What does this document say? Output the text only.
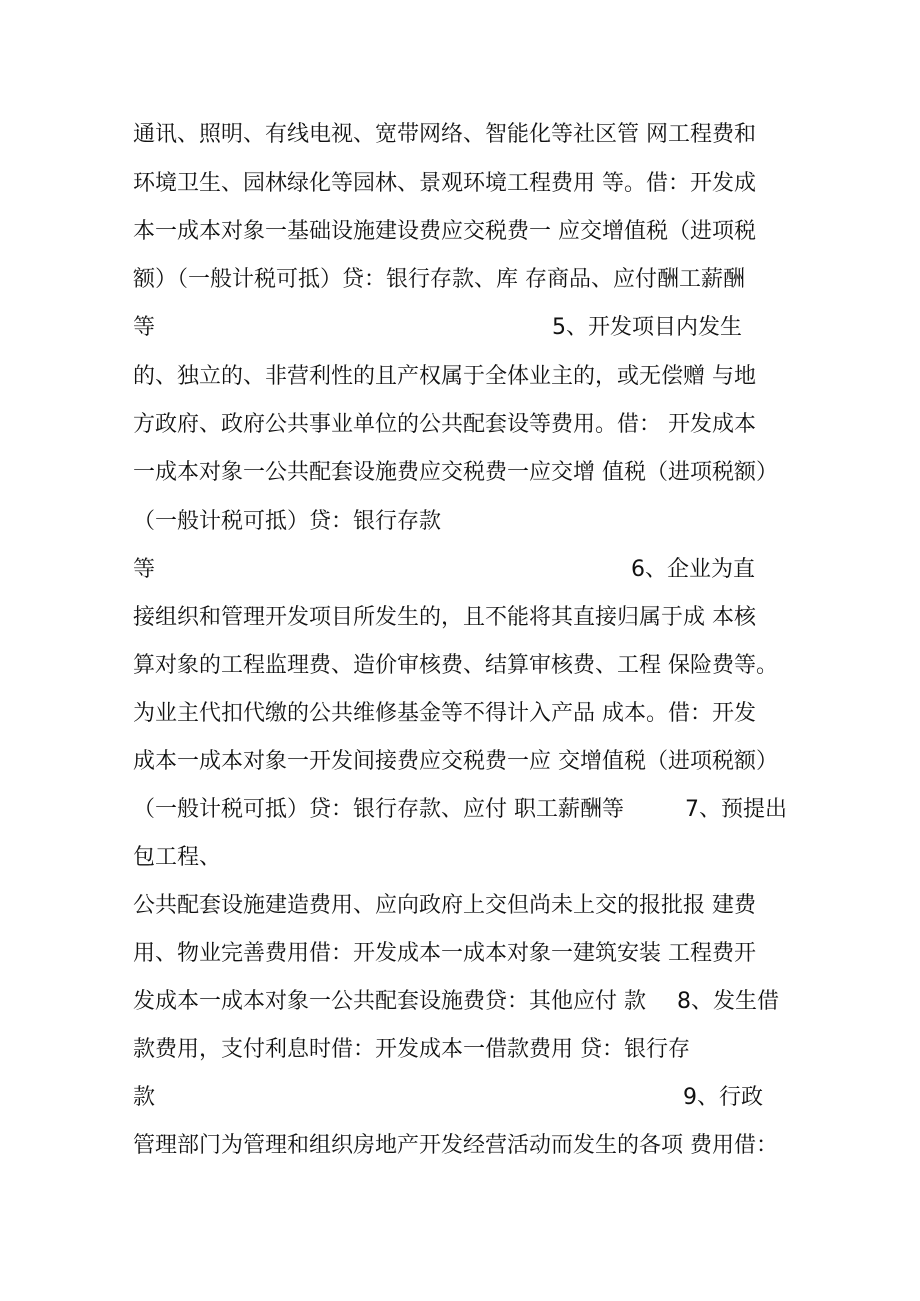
通讯、照明、有线电视、宽带网络、智能化等社区管 网工程费和
环境卫生、园林绿化等园林、景观环境工程费用 等。借：开发成
本一成本对象一基础设施建设费应交税费一 应交增值税（进项税
额）（一般计税可抵）贷：银行存款、库 存商品、应付酬工薪酬
等	5、开发项目内发生
的、独立的、非营利性的且产权属于全体业主的，或无偿赠 与地
方政府、政府公共事业单位的公共配套设等费用。借： 开发成本
一成本对象一公共配套设施费应交税费一应交增 值税（进项税额）
（一般计税可抵）贷：银行存款
等	6、企业为直
接组织和管理开发项目所发生的，且不能将其直接归属于成 本核
算对象的工程监理费、造价审核费、结算审核费、工程 保险费等。
为业主代扣代缴的公共维修基金等不得计入产品 成本。借：开发
成本一成本对象一开发间接费应交税费一应 交增值税（进项税额）
（一般计税可抵）贷：银行存款、应付 职工薪酬等	7、预提出
包工程、
公共配套设施建造费用、应向政府上交但尚未上交的报批报 建费
用、物业完善费用借：开发成本一成本对象一建筑安装 工程费开
发成本一成本对象一公共配套设施费贷：其他应付 款 8、发生借
款费用，支付利息时借：开发成本一借款费用 贷：银行存
款	9、行政
管理部门为管理和组织房地产开发经营活动而发生的各项 费用借：
